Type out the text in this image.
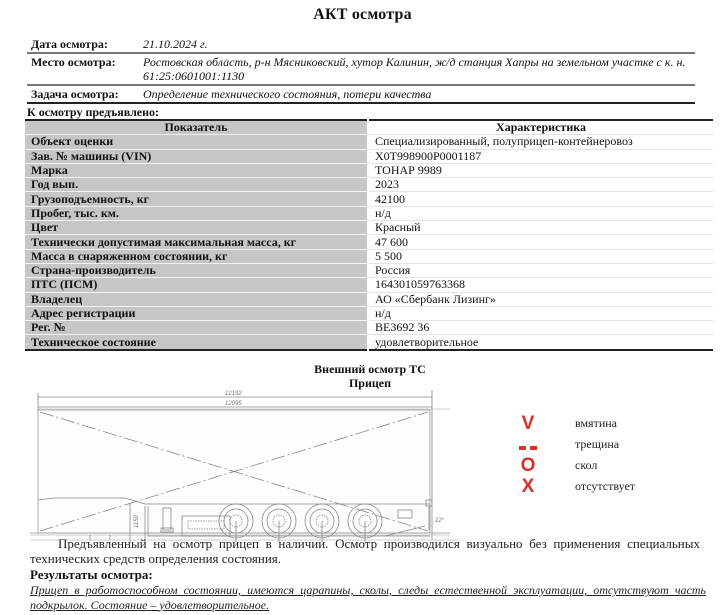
АКТ осмотра
Дата осмотра:	21.10.2024 г.
Место осмотра:	Ростовская область, р-н Мясниковский, хутор Калинин, ж/д станция Хапры на земельном участке с к. н. 61:25:0601001:1130
Задача осмотра:	Определение технического состояния, потери качества
К осмотру предъявлено:
Показатель	Характеристика
Объект оценки	Специализированный, полуприцеп-контейнеровоз
Зав. № машины (VIN)	X0T998900P0001187
Марка	ТОНАР 9989
Год вып.	2023
Грузоподъемность, кг	42100
Пробег, тыс. км.	н/д
Цвет	Красный
Технически допустимая максимальная масса, кг	47 600
Масса в снаряженном состоянии, кг	5 500
Страна-производитель	Россия
ПТС (ПСМ)	164301059763368
Владелец	АО «Сбербанк Лизинг»
Адрес регистрации	н/д
Рег. №	ВЕ3692 36
Техническое состояние	удовлетворительное
Внешний осмотр ТС
Прицеп
12192
12095
1150	12°
V	вмятина
трещина
O	скол
X	отсутствует
Предъявленный на осмотр прицеп в наличии. Осмотр производился визуально без применения специальных технических средств определения состояния.
Результаты осмотра:
Прицеп в работоспособном состоянии, имеются царапины, сколы, следы естественной эксплуатации, отсутствуют часть подкрылок. Состояние – удовлетворительное.
